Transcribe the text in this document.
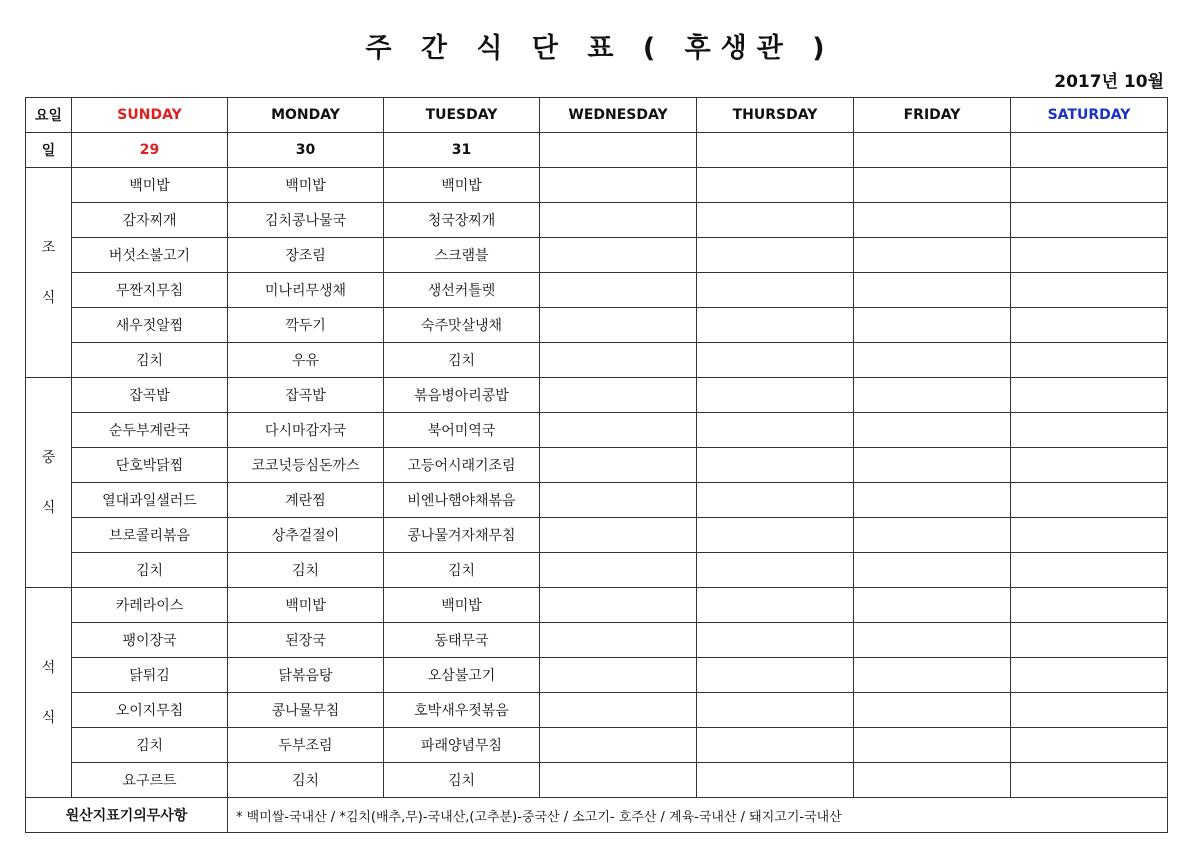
주 간 식 단 표 ( 후생관 )
2017년 10월
요일	SUNDAY	MONDAY	TUESDAY	WEDNESDAY	THURSDAY	FRIDAY	SATURDAY
일	29	30	31				

조
식	백미밥	백미밥	백미밥				
	감자찌개	김치콩나물국	청국장찌개				
	버섯소불고기	장조림	스크램블				
	무짠지무침	미나리무생채	생선커틀렛				
	새우젓알찜	깍두기	숙주맛살냉채				
	김치	우유	김치				

중
식	잡곡밥	잡곡밥	볶음병아리콩밥				
	순두부계란국	다시마감자국	북어미역국				
	단호박닭찜	코코넛등심돈까스	고등어시래기조림				
	열대과일샐러드	계란찜	비엔나햄야채볶음				
	브로콜리볶음	상추겉절이	콩나물겨자채무침				
	김치	김치	김치				

석
식	카레라이스	백미밥	백미밥				
	팽이장국	된장국	동태무국				
	닭튀김	닭볶음탕	오삼불고기				
	오이지무침	콩나물무침	호박새우젓볶음				
	김치	두부조림	파래양념무침				
	요구르트	김치	김치				
원산지표기의무사항		* 백미쌀-국내산 / *김치(배추,무)-국내산,(고추분)-중국산 / 소고기- 호주산 / 계육-국내산 / 돼지고기-국내산					
